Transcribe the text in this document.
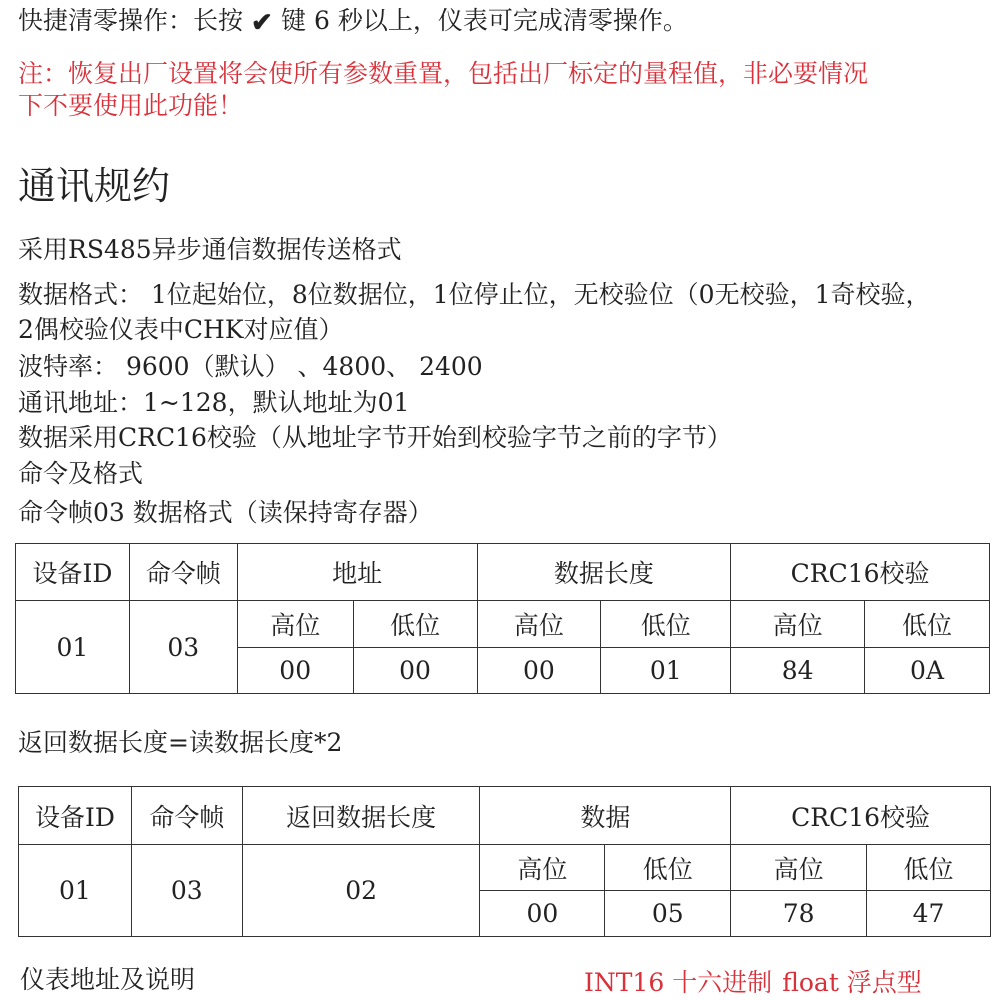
快捷清零操作：长按 ✔ 键 6 秒以上，仪表可完成清零操作。
注：恢复出厂设置将会使所有参数重置，包括出厂标定的量程值，非必要情况
下不要使用此功能！
通讯规约
采用RS485异步通信数据传送格式
数据格式： 1位起始位，8位数据位，1位停止位，无校验位（0无校验，1奇校验，
2偶校验仪表中CHK对应值）
波特率： 9600（默认） 、4800、 2400
通讯地址：1~128，默认地址为01
数据采用CRC16校验（从地址字节开始到校验字节之前的字节）
命令及格式
命令帧03 数据格式（读保持寄存器）
设备ID	命令帧	地址		数据长度		CRC16校验	
01	03	高位	低位	高位	低位	高位	低位
		00	00	00	01	84	0A
返回数据长度=读数据长度*2
设备ID	命令帧	返回数据长度	数据		CRC16校验	
01	03	02	高位	低位	高位	低位
			00	05	78	47
仪表地址及说明	INT16 十六进制 float 浮点型
